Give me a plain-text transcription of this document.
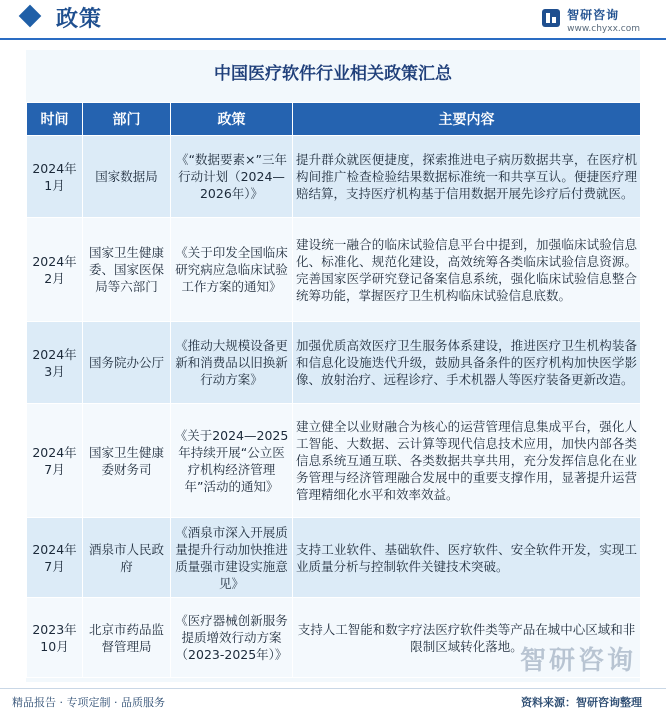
政策	智研咨询
www.chyxx.com
中国医疗软件行业相关政策汇总
时间	部门	政策	主要内容
2024年1月	国家数据局	《“数据要素×”三年行动计划（2024—2026年）》	提升群众就医便捷度，探索推进电子病历数据共享，在医疗机构间推广检查检验结果数据标准统一和共享互认。便捷医疗理赔结算，支持医疗机构基于信用数据开展先诊疗后付费就医。
2024年2月	国家卫生健康委、国家医保局等六部门	《关于印发全国临床研究病应急临床试验工作方案的通知》	建设统一融合的临床试验信息平台中提到，加强临床试验信息化、标准化、规范化建设，高效统筹各类临床试验信息资源。完善国家医学研究登记备案信息系统，强化临床试验信息整合统筹功能，掌握医疗卫生机构临床试验信息底数。
2024年3月	国务院办公厅	《推动大规模设备更新和消费品以旧换新行动方案》	加强优质高效医疗卫生服务体系建设，推进医疗卫生机构装备和信息化设施迭代升级，鼓励具备条件的医疗机构加快医学影像、放射治疗、远程诊疗、手术机器人等医疗装备更新改造。
2024年7月	国家卫生健康委财务司	《关于2024—2025年持续开展“公立医疗机构经济管理年”活动的通知》	建立健全以业财融合为核心的运营管理信息集成平台，强化人工智能、大数据、云计算等现代信息技术应用，加快内部各类信息系统互通互联、各类数据共享共用，充分发挥信息化在业务管理与经济管理融合发展中的重要支撑作用，显著提升运营管理精细化水平和效率效益。
2024年7月	酒泉市人民政府	《酒泉市深入开展质量提升行动加快推进质量强市建设实施意见》	支持工业软件、基础软件、医疗软件、安全软件开发，实现工业质量分析与控制软件关键技术突破。
2023年10月	北京市药品监督管理局	《医疗器械创新服务提质增效行动方案（2023-2025年）》	支持人工智能和数字疗法医疗软件类等产品在城中心区域和非限制区域转化落地。
智研咨询
精品报告 · 专项定制 · 品质服务	资料来源：智研咨询整理
